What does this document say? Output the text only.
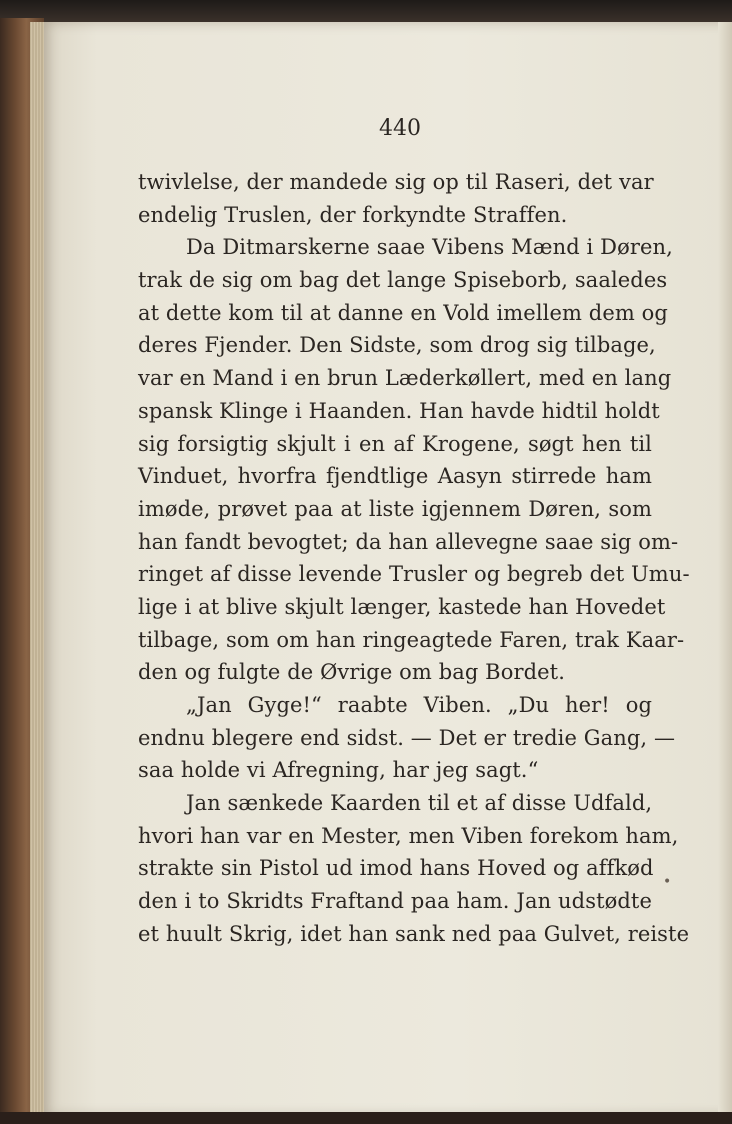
440
twivlelse, der mandede sig op til Raseri, det var
endelig Truslen, der forkyndte Straffen.
Da Ditmarskerne saae Vibens Mænd i Døren,
trak de sig om bag det lange Spiseborb, saaledes
at dette kom til at danne en Vold imellem dem og
deres Fjender. Den Sidste, som drog sig tilbage,
var en Mand i en brun Læderkøllert, med en lang
spansk Klinge i Haanden. Han havde hidtil holdt
sig forsigtig skjult i en af Krogene, søgt hen til
Vinduet, hvorfra fjendtlige Aasyn stirrede ham
imøde, prøvet paa at liste igjennem Døren, som
han fandt bevogtet; da han allevegne saae sig om-
ringet af disse levende Trusler og begreb det Umu-
lige i at blive skjult længer, kastede han Hovedet
tilbage, som om han ringeagtede Faren, trak Kaar-
den og fulgte de Øvrige om bag Bordet.
„Jan Gyge!“ raabte Viben. „Du her! og
endnu blegere end sidst. — Det er tredie Gang, —
saa holde vi Afregning, har jeg sagt.“
Jan sænkede Kaarden til et af disse Udfald,
hvori han var en Mester, men Viben forekom ham,
strakte sin Pistol ud imod hans Hoved og affkød
den i to Skridts Fraftand paa ham. Jan udstødte
et huult Skrig, idet han sank ned paa Gulvet, reiste
•
